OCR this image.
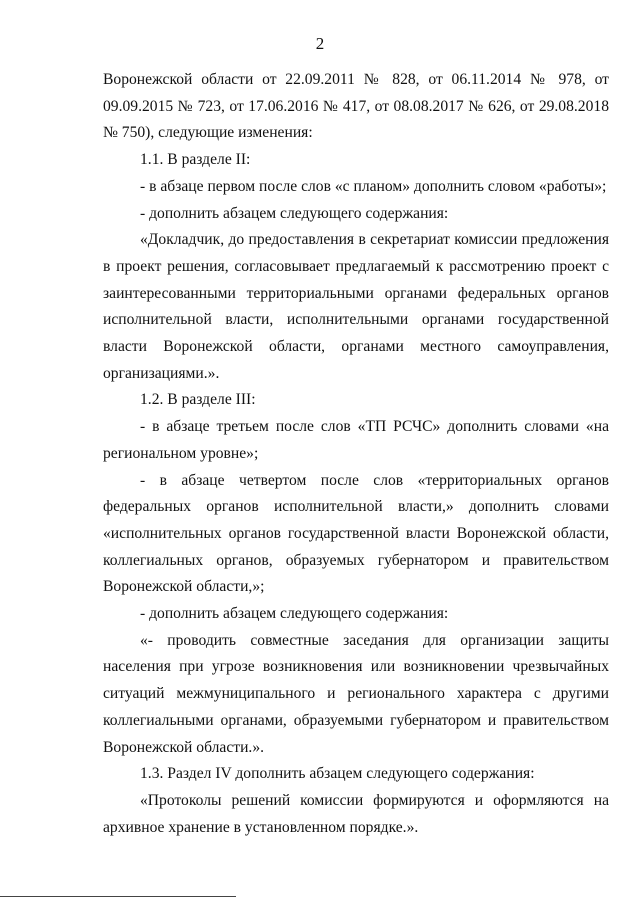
2

Воронежской области от 22.09.2011 № 828, от 06.11.2014 № 978, от 09.09.2015 № 723, от 17.06.2016 № 417, от 08.08.2017 № 626, от 29.08.2018 № 750), следующие изменения:

1.1. В разделе II:

- в абзаце первом после слов «с планом» дополнить словом «работы»;

- дополнить абзацем следующего содержания:

«Докладчик, до предоставления в секретариат комиссии предложения в проект решения, согласовывает предлагаемый к рассмотрению проект с заинтересованными территориальными органами федеральных органов исполнительной власти, исполнительными органами государственной власти Воронежской области, органами местного самоуправления, организациями.».

1.2. В разделе III:

- в абзаце третьем после слов «ТП РСЧС» дополнить словами «на региональном уровне»;

- в абзаце четвертом после слов «территориальных органов федеральных органов исполнительной власти,» дополнить словами «исполнительных органов государственной власти Воронежской области, коллегиальных органов, образуемых губернатором и правительством Воронежской области,»;

- дополнить абзацем следующего содержания:

«- проводить совместные заседания для организации защиты населения при угрозе возникновения или возникновении чрезвычайных ситуаций межмуниципального и регионального характера с другими коллегиальными органами, образуемыми губернатором и правительством Воронежской области.».

1.3. Раздел IV дополнить абзацем следующего содержания:

«Протоколы решений комиссии формируются и оформляются на архивное хранение в установленном порядке.».
